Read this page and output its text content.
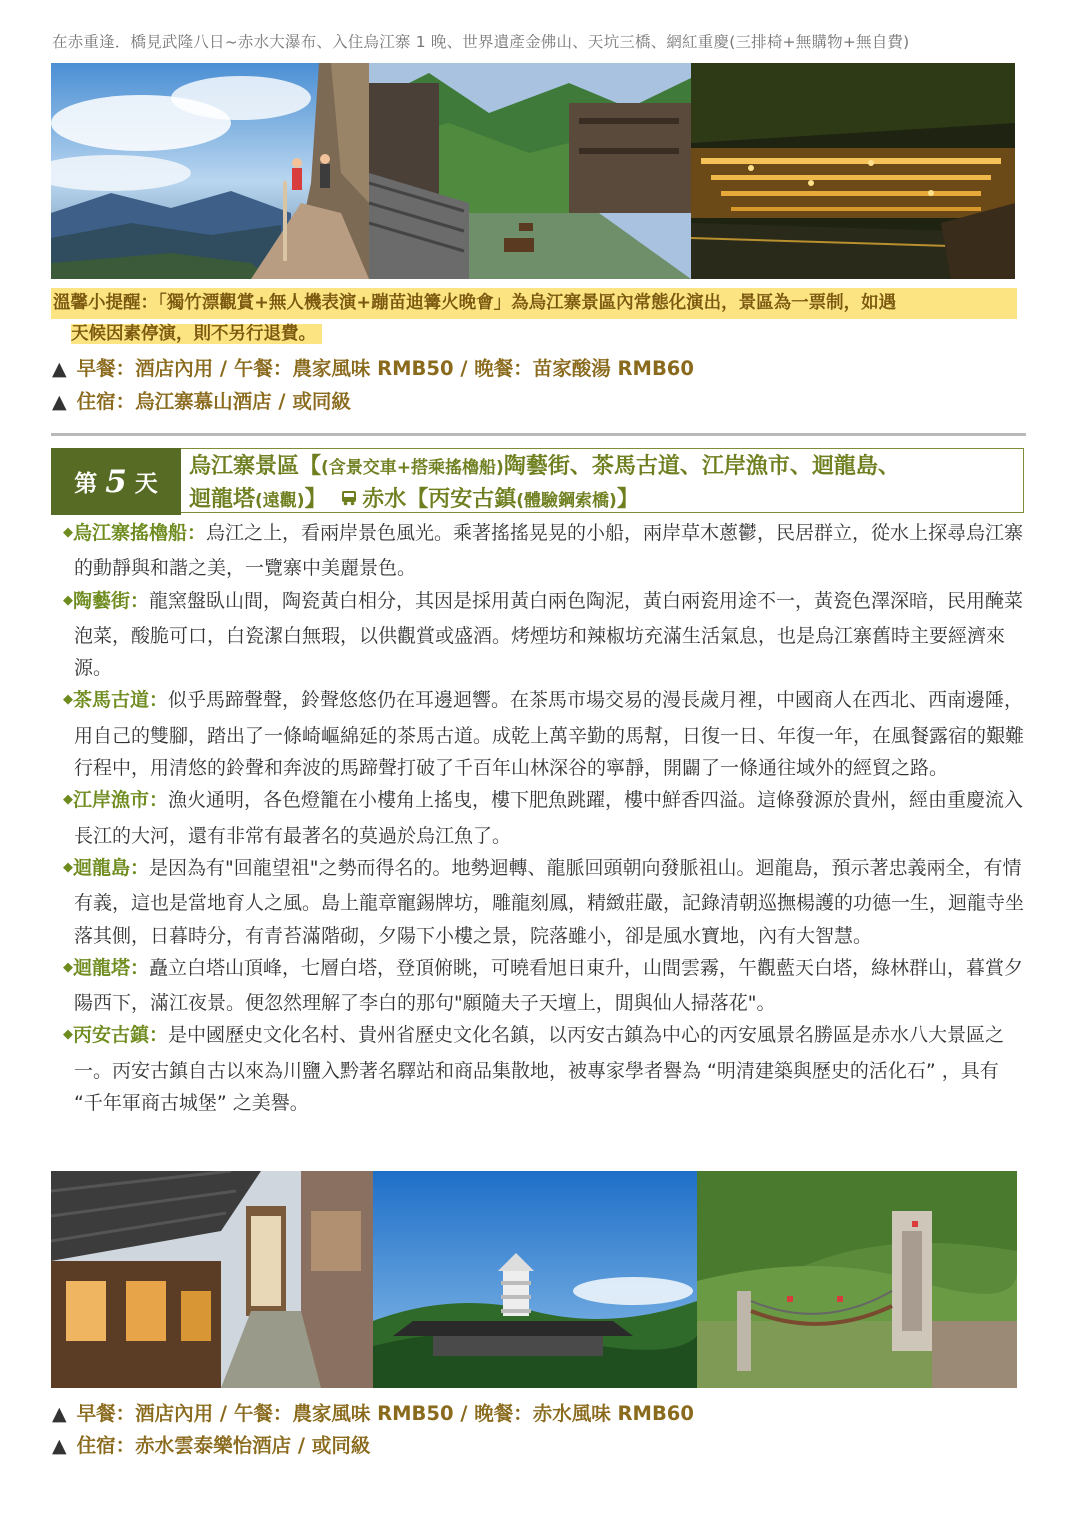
在赤重逢．橋見武隆八日~赤水大瀑布、入住烏江寨 1 晚、世界遺產金佛山、天坑三橋、網紅重慶(三排椅+無購物+無自費)
溫馨小提醒：「獨竹漂觀賞+無人機表演+蹦苗迪篝火晚會」為烏江寨景區內常態化演出，景區為一票制，如遇
天候因素停演，則不另行退費。
▲ 早餐：酒店內用 / 午餐：農家風味 RMB50 / 晚餐：苗家酸湯 RMB60
▲ 住宿：烏江寨慕山酒店 / 或同級
第 5 天
烏江寨景區【(含景交車+搭乘搖櫓船)陶藝街、茶馬古道、江岸漁市、迴龍島、
迴龍塔(遠觀)】 赤水【丙安古鎮(體驗鋼索橋)】

◆烏江寨搖櫓船：烏江之上，看兩岸景色風光。乘著搖搖晃晃的小船，兩岸草木蔥鬱，民居群立，從水上探尋烏江寨的動靜與和諧之美，一覽寨中美麗景色。

◆陶藝街：龍窯盤臥山間，陶瓷黃白相分，其因是採用黃白兩色陶泥，黃白兩瓷用途不一，黃瓷色澤深暗，民用醃菜泡菜，酸脆可口，白瓷潔白無瑕，以供觀賞或盛酒。烤煙坊和辣椒坊充滿生活氣息，也是烏江寨舊時主要經濟來源。

◆茶馬古道：似乎馬蹄聲聲，鈴聲悠悠仍在耳邊迴響。在茶馬市場交易的漫長歲月裡，中國商人在西北、西南邊陲，用自己的雙腳，踏出了一條崎嶇綿延的茶馬古道。成乾上萬辛勤的馬幫，日復一日、年復一年，在風餐露宿的艱難行程中，用清悠的鈴聲和奔波的馬蹄聲打破了千百年山林深谷的寧靜，開闢了一條通往域外的經貿之路。

◆江岸漁市：漁火通明，各色燈籠在小樓角上搖曳，樓下肥魚跳躍，樓中鮮香四溢。這條發源於貴州，經由重慶流入長江的大河，還有非常有最著名的莫過於烏江魚了。

◆迴龍島：是因為有"回龍望祖"之勢而得名的。地勢迴轉、龍脈回頭朝向發脈祖山。迴龍島，預示著忠義兩全，有情有義，這也是當地育人之風。島上龍章寵錫牌坊，雕龍刻鳳，精緻莊嚴，記錄清朝巡撫楊護的功德一生，迴龍寺坐落其側，日暮時分，有青苔滿階砌，夕陽下小樓之景，院落雖小，卻是風水寶地，內有大智慧。

◆迴龍塔：矗立白塔山頂峰，七層白塔，登頂俯眺，可曉看旭日東升，山間雲霧，午觀藍天白塔，綠林群山，暮賞夕陽西下，滿江夜景。便忽然理解了李白的那句"願隨夫子天壇上，閒與仙人掃落花"。

◆丙安古鎮：是中國歷史文化名村、貴州省歷史文化名鎮，以丙安古鎮為中心的丙安風景名勝區是赤水八大景區之一。丙安古鎮自古以來為川鹽入黔著名驛站和商品集散地，被專家學者譽為 “明清建築與歷史的活化石” ，具有 “千年軍商古城堡” 之美譽。

▲ 早餐：酒店內用 / 午餐：農家風味 RMB50 / 晚餐：赤水風味 RMB60
▲ 住宿：赤水雲泰樂怡酒店 / 或同級
